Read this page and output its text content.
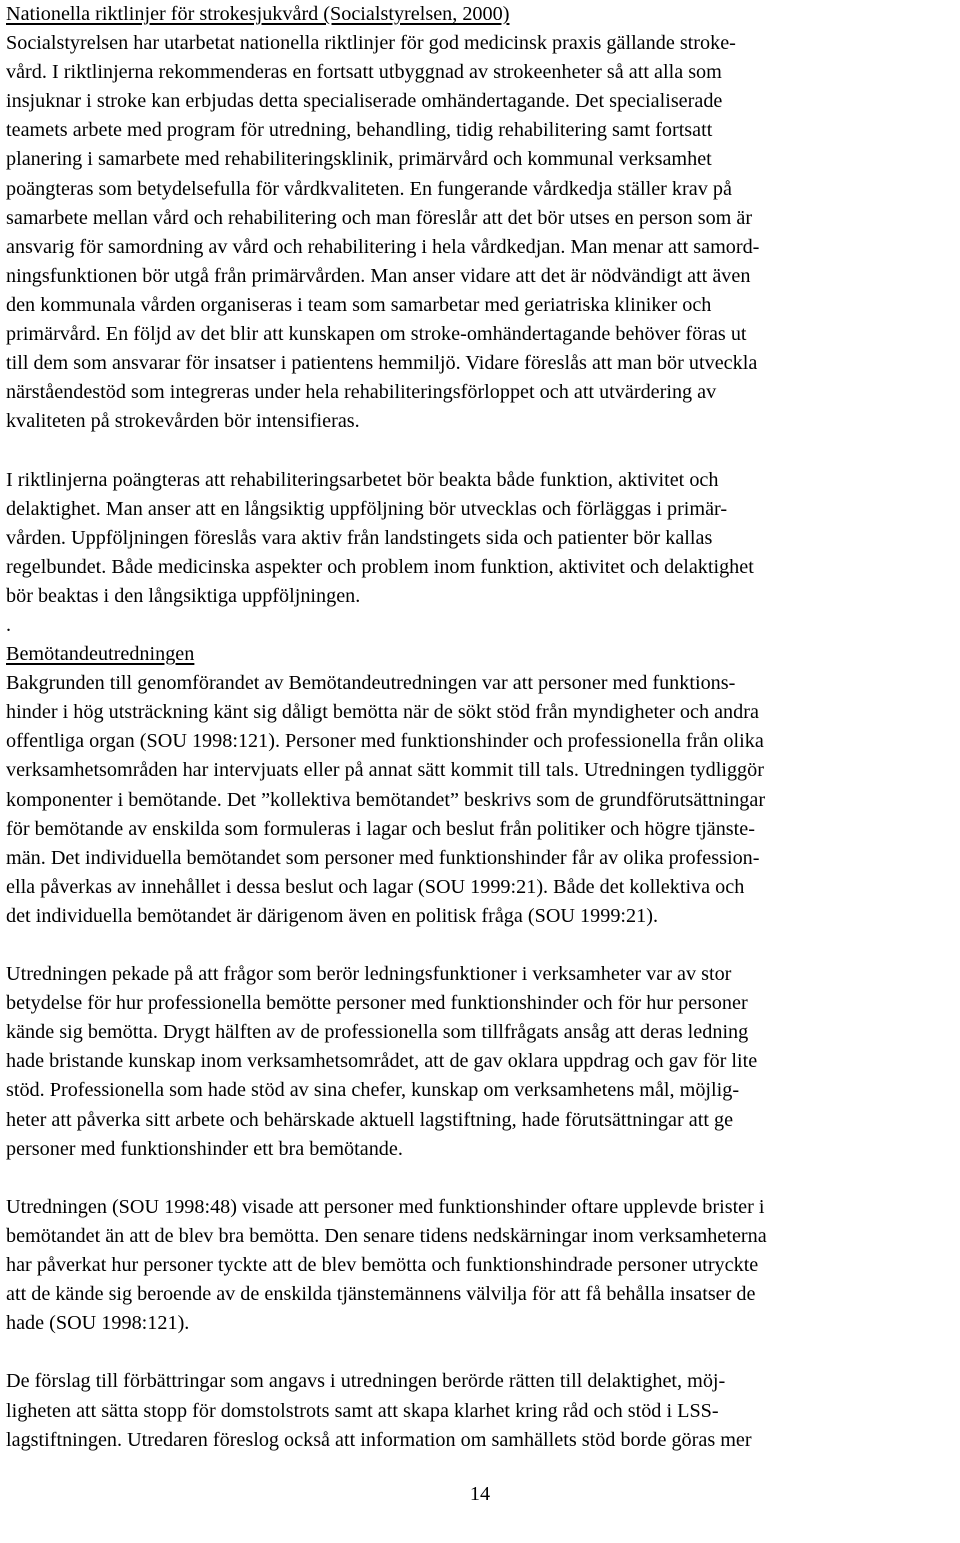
Nationella riktlinjer för strokesjukvård (Socialstyrelsen, 2000)
Socialstyrelsen har utarbetat nationella riktlinjer för god medicinsk praxis gällande stroke-
vård. I riktlinjerna rekommenderas en fortsatt utbyggnad av strokeenheter så att alla som
insjuknar i stroke kan erbjudas detta specialiserade omhändertagande. Det specialiserade
teamets arbete med program för utredning, behandling, tidig rehabilitering samt fortsatt
planering i samarbete med rehabiliteringsklinik, primärvård och kommunal verksamhet
poängteras som betydelsefulla för vårdkvaliteten. En fungerande vårdkedja ställer krav på
samarbete mellan vård och rehabilitering och man föreslår att det bör utses en person som är
ansvarig för samordning av vård och rehabilitering i hela vårdkedjan. Man menar att samord-
ningsfunktionen bör utgå från primärvården. Man anser vidare att det är nödvändigt att även
den kommunala vården organiseras i team som samarbetar med geriatriska kliniker och
primärvård. En följd av det blir att kunskapen om stroke-omhändertagande behöver föras ut
till dem som ansvarar för insatser i patientens hemmiljö. Vidare föreslås att man bör utveckla
närståendestöd som integreras under hela rehabiliteringsförloppet och att utvärdering av
kvaliteten på strokevården bör intensifieras.
I riktlinjerna poängteras att rehabiliteringsarbetet bör beakta både funktion, aktivitet och
delaktighet. Man anser att en långsiktig uppföljning bör utvecklas och förläggas i primär-
vården. Uppföljningen föreslås vara aktiv från landstingets sida och patienter bör kallas
regelbundet. Både medicinska aspekter och problem inom funktion, aktivitet och delaktighet
bör beaktas i den långsiktiga uppföljningen.
.
Bemötandeutredningen
Bakgrunden till genomförandet av Bemötandeutredningen var att personer med funktions-
hinder i hög utsträckning känt sig dåligt bemötta när de sökt stöd från myndigheter och andra
offentliga organ (SOU 1998:121). Personer med funktionshinder och professionella från olika
verksamhetsområden har intervjuats eller på annat sätt kommit till tals. Utredningen tydliggör
komponenter i bemötande. Det ”kollektiva bemötandet” beskrivs som de grundförutsättningar
för bemötande av enskilda som formuleras i lagar och beslut från politiker och högre tjänste-
män. Det individuella bemötandet som personer med funktionshinder får av olika profession-
ella påverkas av innehållet i dessa beslut och lagar (SOU 1999:21). Både det kollektiva och
det individuella bemötandet är därigenom även en politisk fråga (SOU 1999:21).
Utredningen pekade på att frågor som berör ledningsfunktioner i verksamheter var av stor
betydelse för hur professionella bemötte personer med funktionshinder och för hur personer
kände sig bemötta. Drygt hälften av de professionella som tillfrågats ansåg att deras ledning
hade bristande kunskap inom verksamhetsområdet, att de gav oklara uppdrag och gav för lite
stöd. Professionella som hade stöd av sina chefer, kunskap om verksamhetens mål, möjlig-
heter att påverka sitt arbete och behärskade aktuell lagstiftning, hade förutsättningar att ge
personer med funktionshinder ett bra bemötande.
Utredningen (SOU 1998:48) visade att personer med funktionshinder oftare upplevde brister i
bemötandet än att de blev bra bemötta. Den senare tidens nedskärningar inom verksamheterna
har påverkat hur personer tyckte att de blev bemötta och funktionshindrade personer utryckte
att de kände sig beroende av de enskilda tjänstemännens välvilja för att få behålla insatser de
hade (SOU 1998:121).
De förslag till förbättringar som angavs i utredningen berörde rätten till delaktighet, möj-
ligheten att sätta stopp för domstolstrots samt att skapa klarhet kring råd och stöd i LSS-
lagstiftningen. Utredaren föreslog också att information om samhällets stöd borde göras mer
14
